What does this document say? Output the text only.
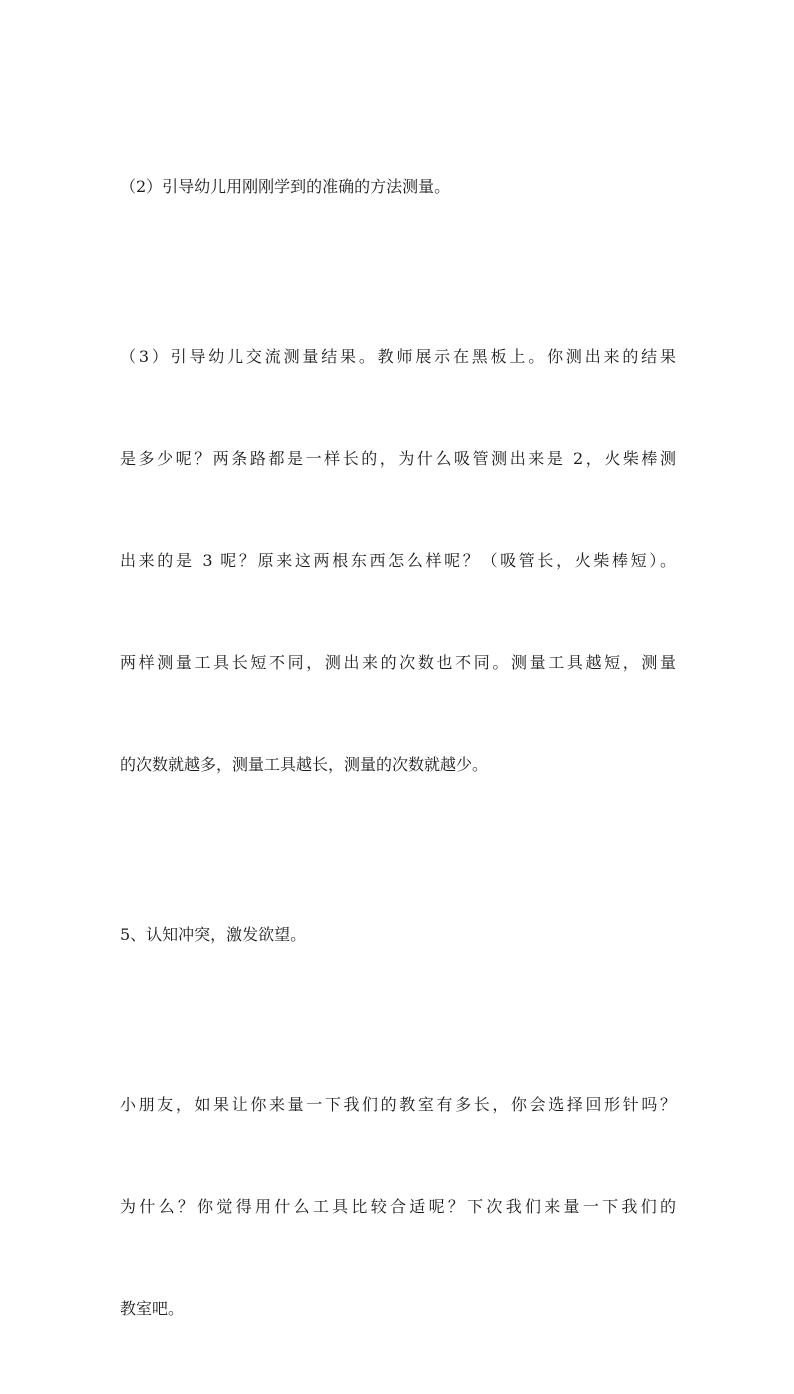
（2）引导幼儿用刚刚学到的准确的方法测量。

（3）引导幼儿交流测量结果。教师展示在黑板上。你测出来的结果

是多少呢？两条路都是一样长的，为什么吸管测出来是 2，火柴棒测

出来的是 3 呢？原来这两根东西怎么样呢？（吸管长，火柴棒短）。

两样测量工具长短不同，测出来的次数也不同。测量工具越短，测量

的次数就越多，测量工具越长，测量的次数就越少。

5、认知冲突，激发欲望。

小朋友，如果让你来量一下我们的教室有多长，你会选择回形针吗？

为什么？你觉得用什么工具比较合适呢？下次我们来量一下我们的

教室吧。
